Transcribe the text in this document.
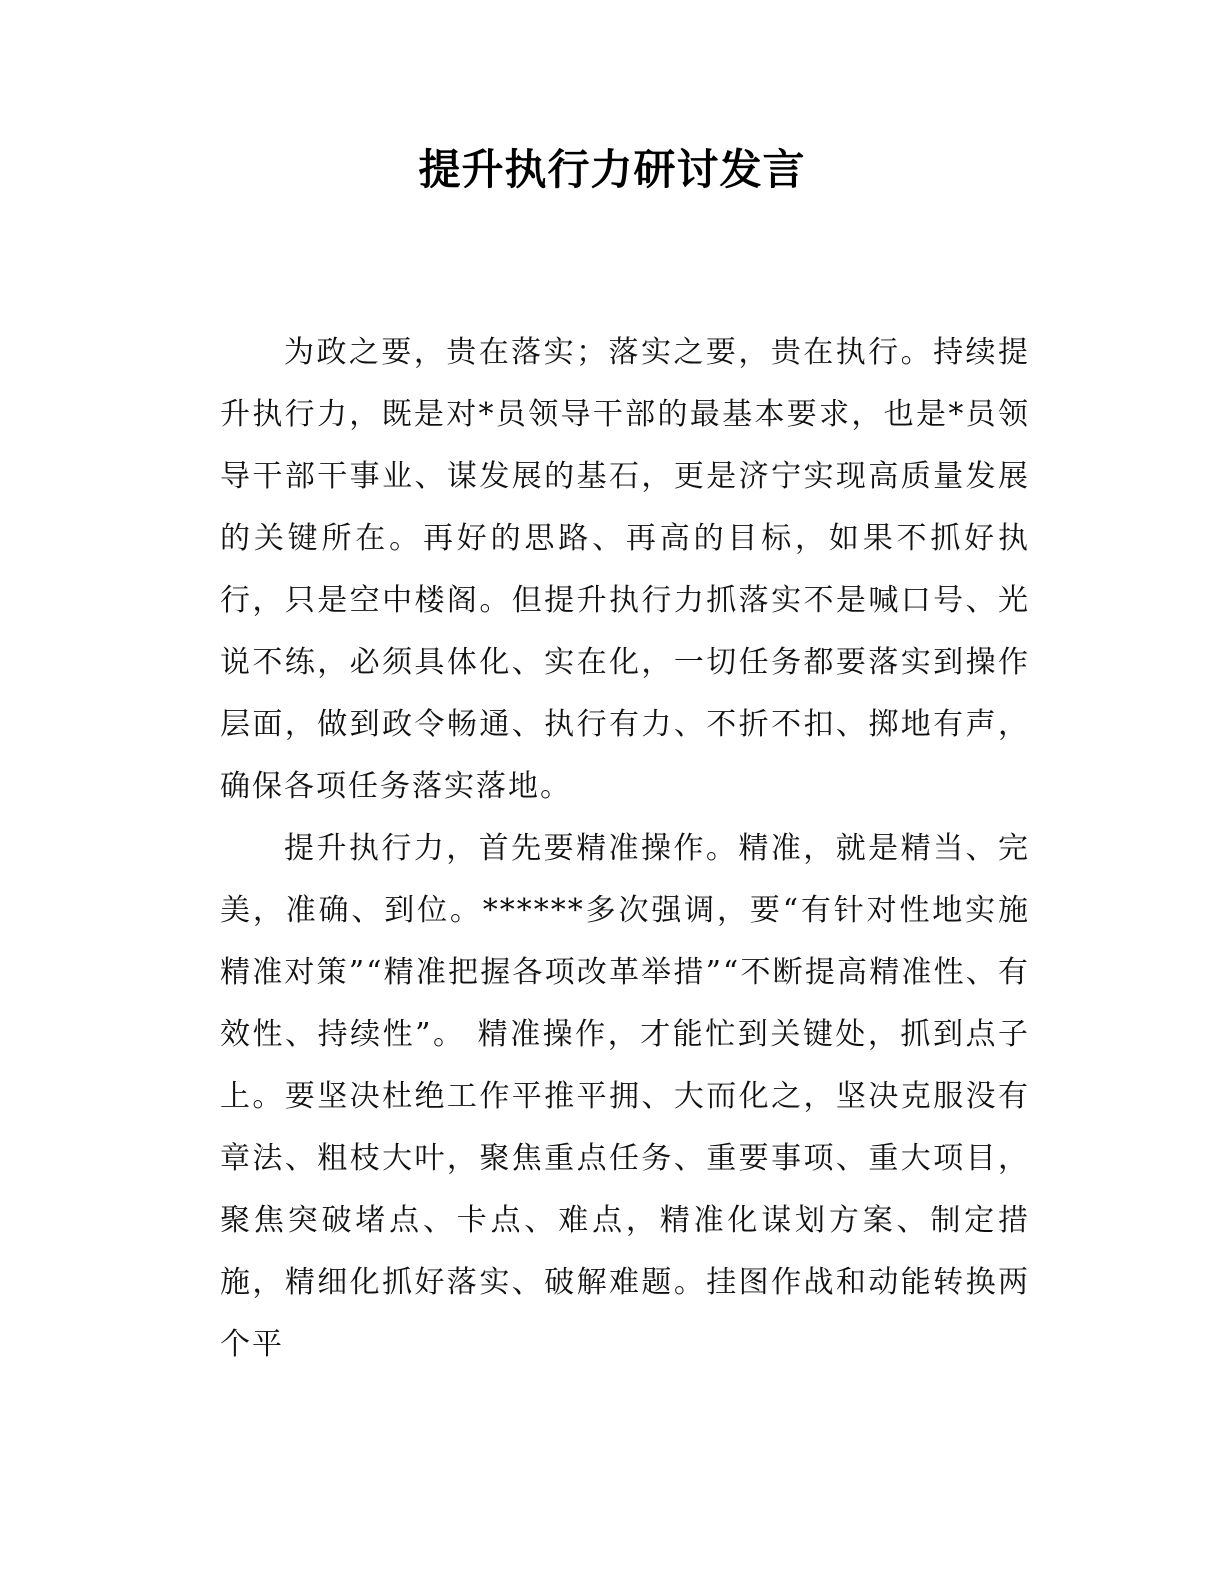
提升执行力研讨发言

为政之要，贵在落实；落实之要，贵在执行。持续提升执行力，既是对*员领导干部的最基本要求，也是*员领导干部干事业、谋发展的基石，更是济宁实现高质量发展的关键所在。再好的思路、再高的目标，如果不抓好执行，只是空中楼阁。但提升执行力抓落实不是喊口号、光说不练，必须具体化、实在化，一切任务都要落实到操作层面，做到政令畅通、执行有力、不折不扣、掷地有声，确保各项任务落实落地。

提升执行力，首先要精准操作。精准，就是精当、完美，准确、到位。******多次强调，要“有针对性地实施精准对策”“精准把握各项改革举措”“不断提高精准性、有效性、持续性”。 精准操作，才能忙到关键处，抓到点子上。要坚决杜绝工作平推平拥、大而化之，坚决克服没有章法、粗枝大叶，聚焦重点任务、重要事项、重大项目，聚焦突破堵点、卡点、难点，精准化谋划方案、制定措施，精细化抓好落实、破解难题。挂图作战和动能转换两个平
